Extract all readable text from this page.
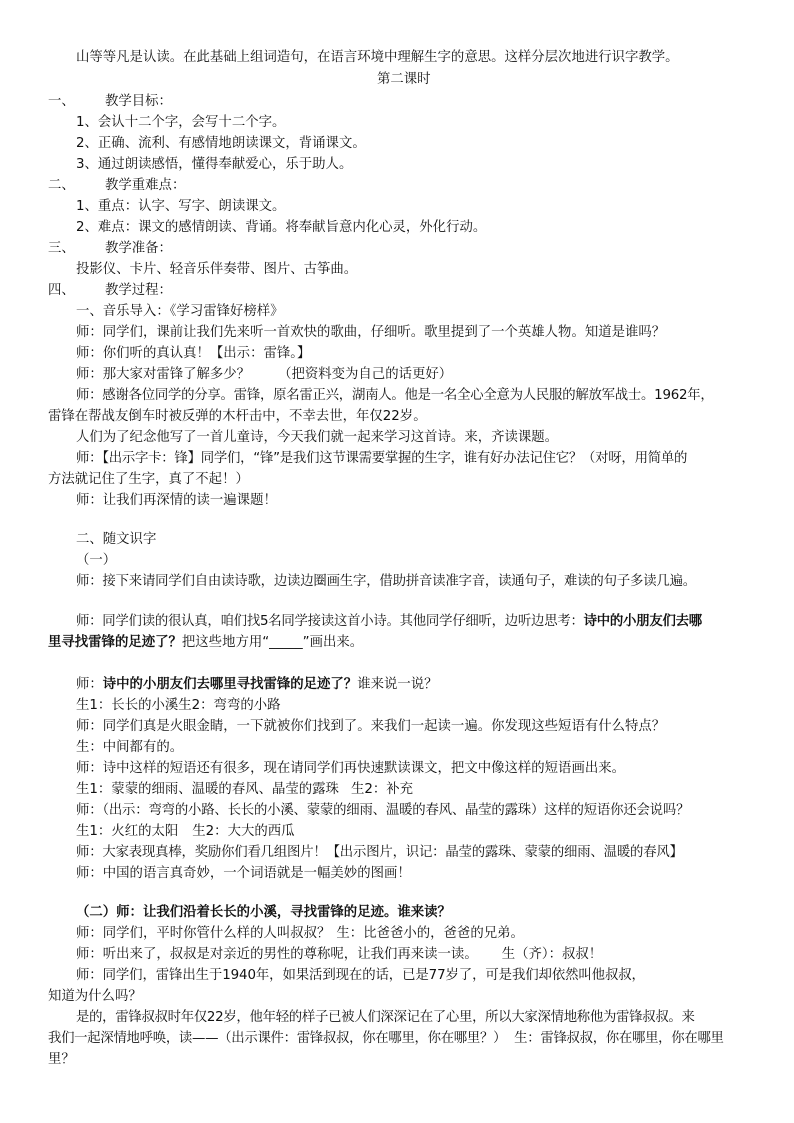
山等等凡是认读。在此基础上组词造句，在语言环境中理解生字的意思。这样分层次地进行识字教学。
第二课时
一、 教学目标：
1、会认十二个字，会写十二个字。
2、正确、流利、有感情地朗读课文，背诵课文。
3、通过朗读感悟，懂得奉献爱心，乐于助人。
二、 教学重难点：
1、重点：认字、写字、朗读课文。
2、难点：课文的感情朗读、背诵。将奉献旨意内化心灵，外化行动。
三、 教学准备：
投影仪、卡片、轻音乐伴奏带、图片、古筝曲。
四、 教学过程：
一、音乐导入：《学习雷锋好榜样》
师：同学们，课前让我们先来听一首欢快的歌曲，仔细听。歌里提到了一个英雄人物。知道是谁吗？
师：你们听的真认真！【出示：雷锋。】
师：那大家对雷锋了解多少？ （把资料变为自己的话更好）
师：感谢各位同学的分享。雷锋，原名雷正兴，湖南人。他是一名全心全意为人民服的解放军战士。1962年，
雷锋在帮战友倒车时被反弹的木杆击中，不幸去世，年仅22岁。
人们为了纪念他写了一首儿童诗，今天我们就一起来学习这首诗。来，齐读课题。
师：【出示字卡：锋】同学们，“锋”是我们这节课需要掌握的生字，谁有好办法记住它？（对呀，用简单的
方法就记住了生字，真了不起！）
师：让我们再深情的读一遍课题！
二、随文识字
（一）
师：接下来请同学们自由读诗歌，边读边圈画生字，借助拼音读准字音，读通句子，难读的句子多读几遍。
师：同学们读的很认真，咱们找5名同学接读这首小诗。其他同学仔细听，边听边思考：诗中的小朋友们去哪
里寻找雷锋的足迹了？把这些地方用“_____”画出来。
师：诗中的小朋友们去哪里寻找雷锋的足迹了？谁来说一说？
生1：长长的小溪生2：弯弯的小路
师：同学们真是火眼金睛，一下就被你们找到了。来我们一起读一遍。你发现这些短语有什么特点？
生：中间都有的。
师：诗中这样的短语还有很多，现在请同学们再快速默读课文，把文中像这样的短语画出来。
生1：蒙蒙的细雨、温暖的春风、晶莹的露珠 生2：补充
师：（出示：弯弯的小路、长长的小溪、蒙蒙的细雨、温暖的春风、晶莹的露珠）这样的短语你还会说吗？
生1：火红的太阳 生2：大大的西瓜
师：大家表现真棒，奖励你们看几组图片！【出示图片，识记：晶莹的露珠、蒙蒙的细雨、温暖的春风】
师：中国的语言真奇妙，一个词语就是一幅美妙的图画！
（二）师：让我们沿着长长的小溪，寻找雷锋的足迹。谁来读？
师：同学们，平时你管什么样的人叫叔叔？ 生：比爸爸小的，爸爸的兄弟。
师：听出来了，叔叔是对亲近的男性的尊称呢，让我们再来读一读。 生（齐）：叔叔！
师：同学们，雷锋出生于1940年，如果活到现在的话，已是77岁了，可是我们却依然叫他叔叔，
知道为什么吗？
是的，雷锋叔叔时年仅22岁，他年轻的样子已被人们深深记在了心里，所以大家深情地称他为雷锋叔叔。来
我们一起深情地呼唤，读——（出示课件：雷锋叔叔，你在哪里，你在哪里？） 生：雷锋叔叔，你在哪里，你在哪里
里？
